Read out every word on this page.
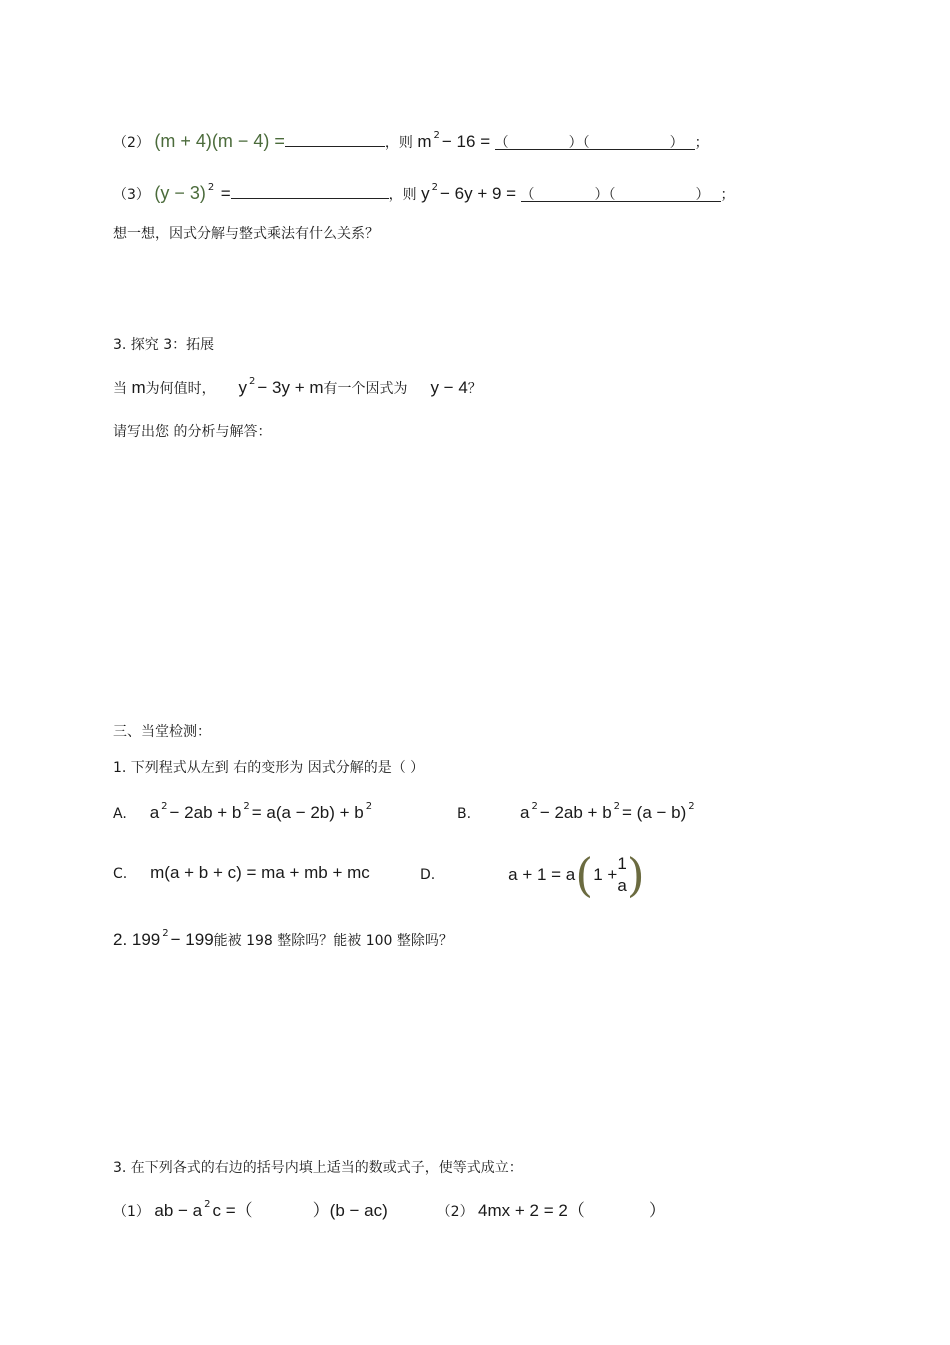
（2） (m + 4)(m − 4) =	，则 m $^2$ − 16 = （	）（	） ；
（3） (y − 3) $^2$ =	，则 y $^2$ − 6y + 9 = （	）（	） ；
想一想，因式分解与整式乘法有什么关系？
3. 探究 3：拓展
当 m为何值时， y $^2$ − 3y + m有一个因式为 y − 4？
请写出您 的分析与解答：
三、当堂检测：
1. 下列程式从左到 右的变形为 因式分解的是（ ）
A. a $^2$ − 2ab + b $^2$ = a(a − 2b) + b $^2$	B.	a $^2$ − 2ab + b $^2$ = (a − b) $^2$
C. m(a + b + c) = ma + mb + mc	D.	a + 1 = a(1 +
1
a )
2. 199 $^2$ − 199能被 198 整除吗？能被 100 整除吗？
3. 在下列各式的右边的括号内填上适当的数或式子，使等式成立：
（1） ab − a $^2$ c =（	）(b − ac)	（2） 4mx + 2 = 2（	）
